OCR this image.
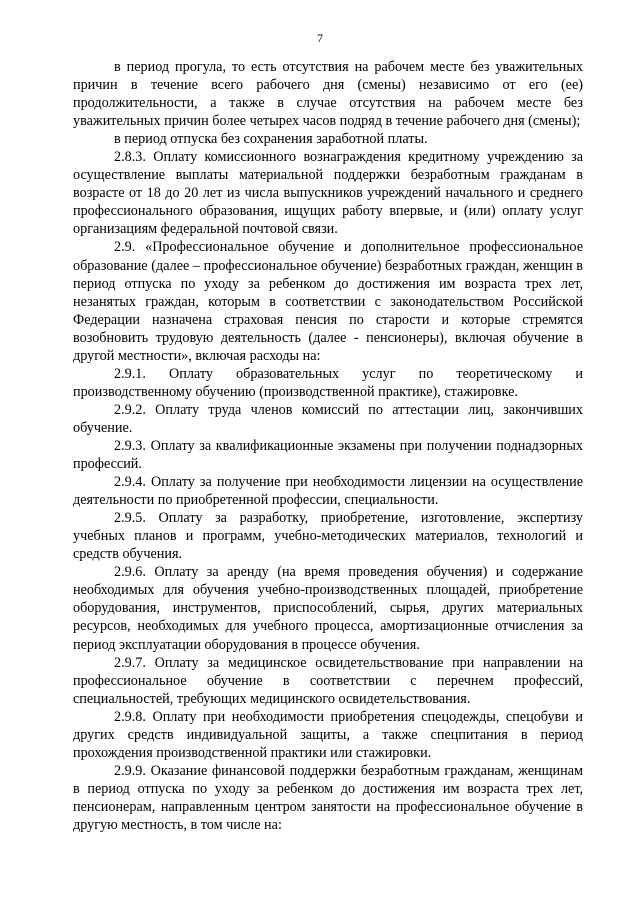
7

в период прогула, то есть отсутствия на рабочем месте без уважительных причин в течение всего рабочего дня (смены) независимо от его (ее) продолжительности, а также в случае отсутствия на рабочем месте без уважительных причин более четырех часов подряд в течение рабочего дня (смены);

в период отпуска без сохранения заработной платы.

2.8.3. Оплату комиссионного вознаграждения кредитному учреждению за осуществление выплаты материальной поддержки безработным гражданам в возрасте от 18 до 20 лет из числа выпускников учреждений начального и среднего профессионального образования, ищущих работу впервые, и (или) оплату услуг организациям федеральной почтовой связи.

2.9. «Профессиональное обучение и дополнительное профессиональное образование (далее – профессиональное обучение) безработных граждан, женщин в период отпуска по уходу за ребенком до достижения им возраста трех лет, незанятых граждан, которым в соответствии с законодательством Российской Федерации назначена страховая пенсия по старости и которые стремятся возобновить трудовую деятельность (далее - пенсионеры), включая обучение в другой местности», включая расходы на:

2.9.1. Оплату образовательных услуг по теоретическому и производственному обучению (производственной практике), стажировке.

2.9.2. Оплату труда членов комиссий по аттестации лиц, закончивших обучение.

2.9.3. Оплату за квалификационные экзамены при получении поднадзорных профессий.

2.9.4. Оплату за получение при необходимости лицензии на осуществление деятельности по приобретенной профессии, специальности.

2.9.5. Оплату за разработку, приобретение, изготовление, экспертизу учебных планов и программ, учебно-методических материалов, технологий и средств обучения.

2.9.6. Оплату за аренду (на время проведения обучения) и содержание необходимых для обучения учебно-производственных площадей, приобретение оборудования, инструментов, приспособлений, сырья, других материальных ресурсов, необходимых для учебного процесса, амортизационные отчисления за период эксплуатации оборудования в процессе обучения.

2.9.7. Оплату за медицинское освидетельствование при направлении на профессиональное обучение в соответствии с перечнем профессий, специальностей, требующих медицинского освидетельствования.

2.9.8. Оплату при необходимости приобретения спецодежды, спецобуви и других средств индивидуальной защиты, а также спецпитания в период прохождения производственной практики или стажировки.

2.9.9. Оказание финансовой поддержки безработным гражданам, женщинам в период отпуска по уходу за ребенком до достижения им возраста трех лет, пенсионерам, направленным центром занятости на профессиональное обучение в другую местность, в том числе на:
